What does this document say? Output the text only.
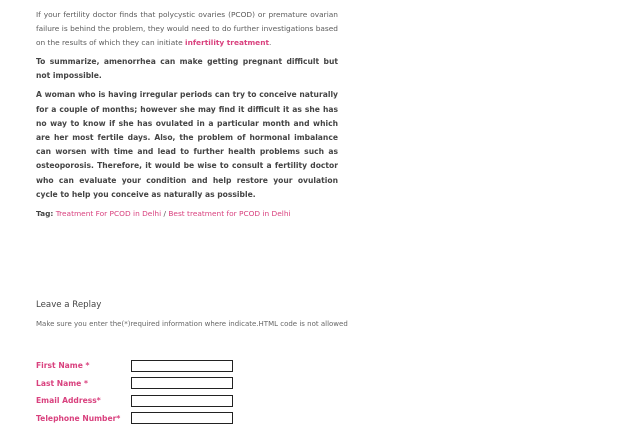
If your fertility doctor finds that polycystic ovaries (PCOD) or premature ovarian failure is behind the problem, they would need to do further investigations based on the results of which they can initiate infertility treatment.

To summarize, amenorrhea can make getting pregnant difficult but not impossible.

A woman who is having irregular periods can try to conceive naturally for a couple of months; however she may find it difficult it as she has no way to know if she has ovulated in a particular month and which are her most fertile days. Also, the problem of hormonal imbalance can worsen with time and lead to further health problems such as osteoporosis. Therefore, it would be wise to consult a fertility doctor who can evaluate your condition and help restore your ovulation cycle to help you conceive as naturally as possible.

Tag: Treatment For PCOD in Delhi / Best treatment for PCOD in Delhi

Leave a Replay

Make sure you enter the(*)required information where indicate.HTML code is not allowed
First Name *
Last Name *
Email Address*
Telephone Number*
